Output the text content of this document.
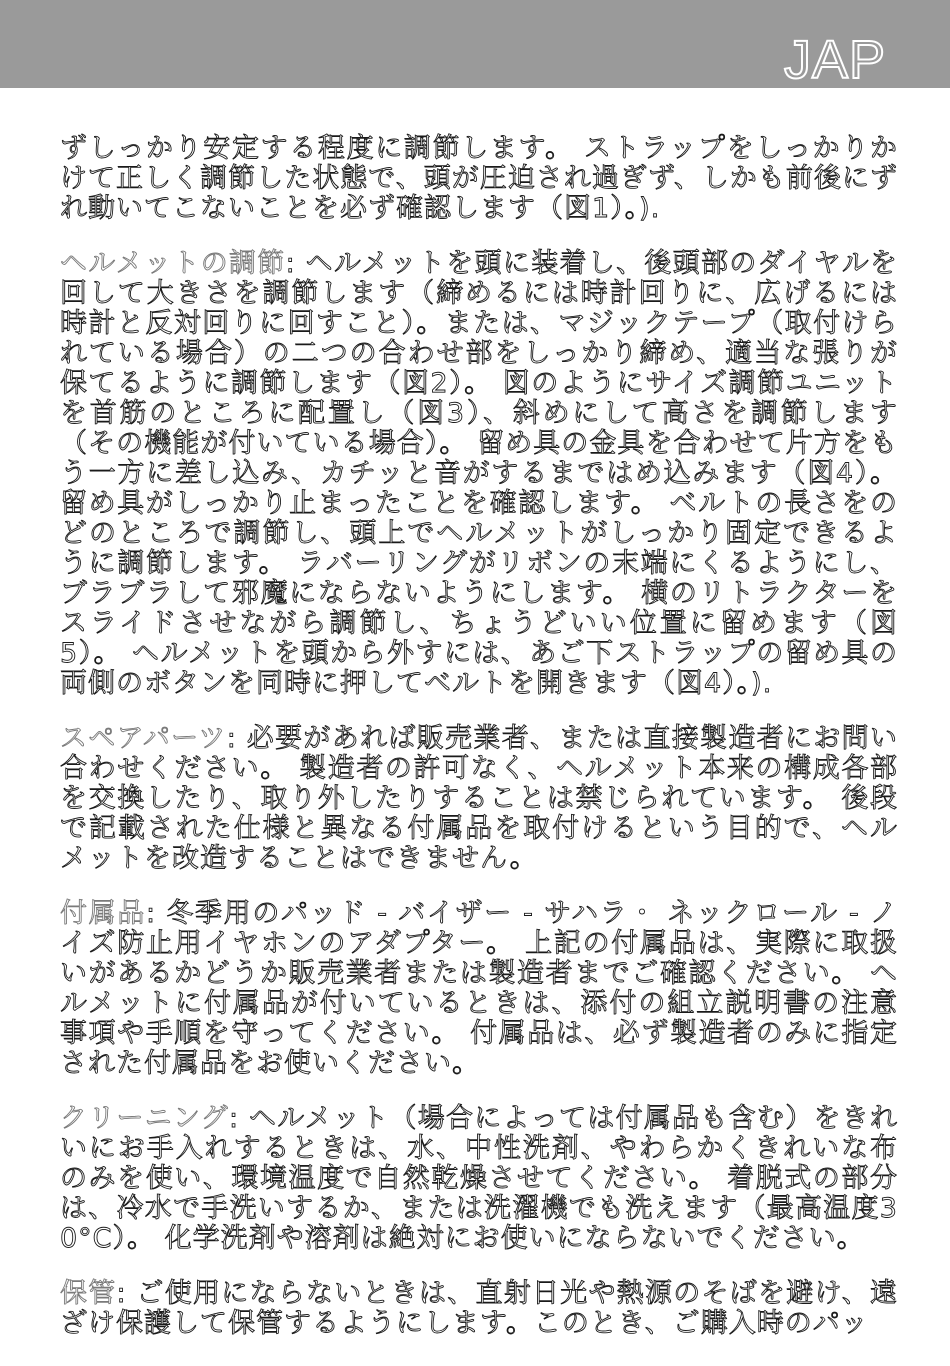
JAP

ずしっかり安定する程度に調節します。 ストラップをしっかりかけて正しく調節した状態で、頭が圧迫され過ぎず、しかも前後にずれ動いてこないことを必ず確認します（図1）。).

ヘルメットの調節: ヘルメットを頭に装着し、後頭部のダイヤルを回して大きさを調節します（締めるには時計回りに、広げるには時計と反対回りに回すこと）。または、マジックテープ（取付けられている場合）の二つの合わせ部をしっかり締め、適当な張りが保てるように調節します（図2）。 図のようにサイズ調節ユニットを首筋のところに配置し（図3）、斜めにして高さを調節します（その機能が付いている場合）。 留め具の金具を合わせて片方をもう一方に差し込み、カチッと音がするまではめ込みます（図4）。 留め具がしっかり止まったことを確認します。 ベルトの長さをのどのところで調節し、頭上でヘルメットがしっかり固定できるように調節します。 ラバーリングがリボンの末端にくるようにし、ブラブラして邪魔にならないようにします。 横のリトラクターをスライドさせながら調節し、ちょうどいい位置に留めます（図5）。 ヘルメットを頭から外すには、あご下ストラップの留め具の両側のボタンを同時に押してベルトを開きます（図4）。).

スペアパーツ: 必要があれば販売業者、または直接製造者にお問い合わせください。 製造者の許可なく、ヘルメット本来の構成各部を交換したり、取り外したりすることは禁じられています。 後段で記載された仕様と異なる付属品を取付けるという目的で、ヘルメットを改造することはできません。

付属品: 冬季用のパッド - バイザー - サハラ・ ネックロール - ノイズ防止用イヤホンのアダプター。 上記の付属品は、実際に取扱いがあるかどうか販売業者または製造者までご確認ください。 ヘルメットに付属品が付いているときは、添付の組立説明書の注意事項や手順を守ってください。 付属品は、必ず製造者のみに指定された付属品をお使いください。

クリーニング: ヘルメット（場合によっては付属品も含む）をきれいにお手入れするときは、水、中性洗剤、やわらかくきれいな布のみを使い、環境温度で自然乾燥させてください。 着脱式の部分は、冷水で手洗いするか、または洗濯機でも洗えます（最高温度30°C）。 化学洗剤や溶剤は絶対にお使いにならないでください。

保管: ご使用にならないときは、直射日光や熱源のそばを避け、遠ざけ保護して保管するようにします。このとき、ご購入時のパッ
